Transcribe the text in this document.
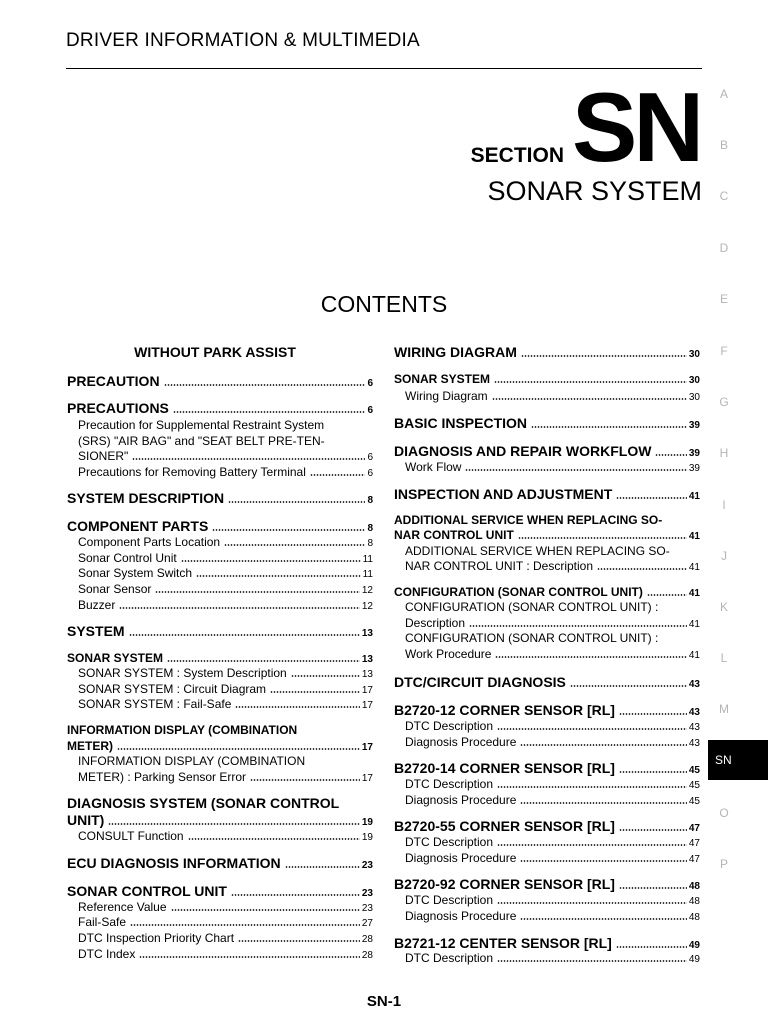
DRIVER INFORMATION & MULTIMEDIA
SECTION SN
SONAR SYSTEM
CONTENTS
A
B
C
D
E
F
G
H
I
J
K
L
M
SN
O
P
WITHOUT PARK ASSIST
PRECAUTION	6
PRECAUTIONS	6
Precaution for Supplemental Restraint System
(SRS) "AIR BAG" and "SEAT BELT PRE-TEN-
SIONER"	6
Precautions for Removing Battery Terminal	6
SYSTEM DESCRIPTION	8
COMPONENT PARTS	8
Component Parts Location	8
Sonar Control Unit	11
Sonar System Switch	11
Sonar Sensor	12
Buzzer	12
SYSTEM	13
SONAR SYSTEM	13
SONAR SYSTEM : System Description	13
SONAR SYSTEM : Circuit Diagram	17
SONAR SYSTEM : Fail-Safe	17
INFORMATION DISPLAY (COMBINATION
METER)	17
INFORMATION DISPLAY (COMBINATION
METER) : Parking Sensor Error	17
DIAGNOSIS SYSTEM (SONAR CONTROL
UNIT)	19
CONSULT Function	19
ECU DIAGNOSIS INFORMATION	23
SONAR CONTROL UNIT	23
Reference Value	23
Fail-Safe	27
DTC Inspection Priority Chart	28
DTC Index	28
WIRING DIAGRAM	30
SONAR SYSTEM	30
Wiring Diagram	30
BASIC INSPECTION	39
DIAGNOSIS AND REPAIR WORKFLOW	39
Work Flow	39
INSPECTION AND ADJUSTMENT	41
ADDITIONAL SERVICE WHEN REPLACING SO-
NAR CONTROL UNIT	41
ADDITIONAL SERVICE WHEN REPLACING SO-
NAR CONTROL UNIT : Description	41
CONFIGURATION (SONAR CONTROL UNIT)	41
CONFIGURATION (SONAR CONTROL UNIT) :
Description	41
CONFIGURATION (SONAR CONTROL UNIT) :
Work Procedure	41
DTC/CIRCUIT DIAGNOSIS	43
B2720-12 CORNER SENSOR [RL]	43
DTC Description	43
Diagnosis Procedure	43
B2720-14 CORNER SENSOR [RL]	45
DTC Description	45
Diagnosis Procedure	45
B2720-55 CORNER SENSOR [RL]	47
DTC Description	47
Diagnosis Procedure	47
B2720-92 CORNER SENSOR [RL]	48
DTC Description	48
Diagnosis Procedure	48
B2721-12 CENTER SENSOR [RL]	49
DTC Description	49
SN-1
